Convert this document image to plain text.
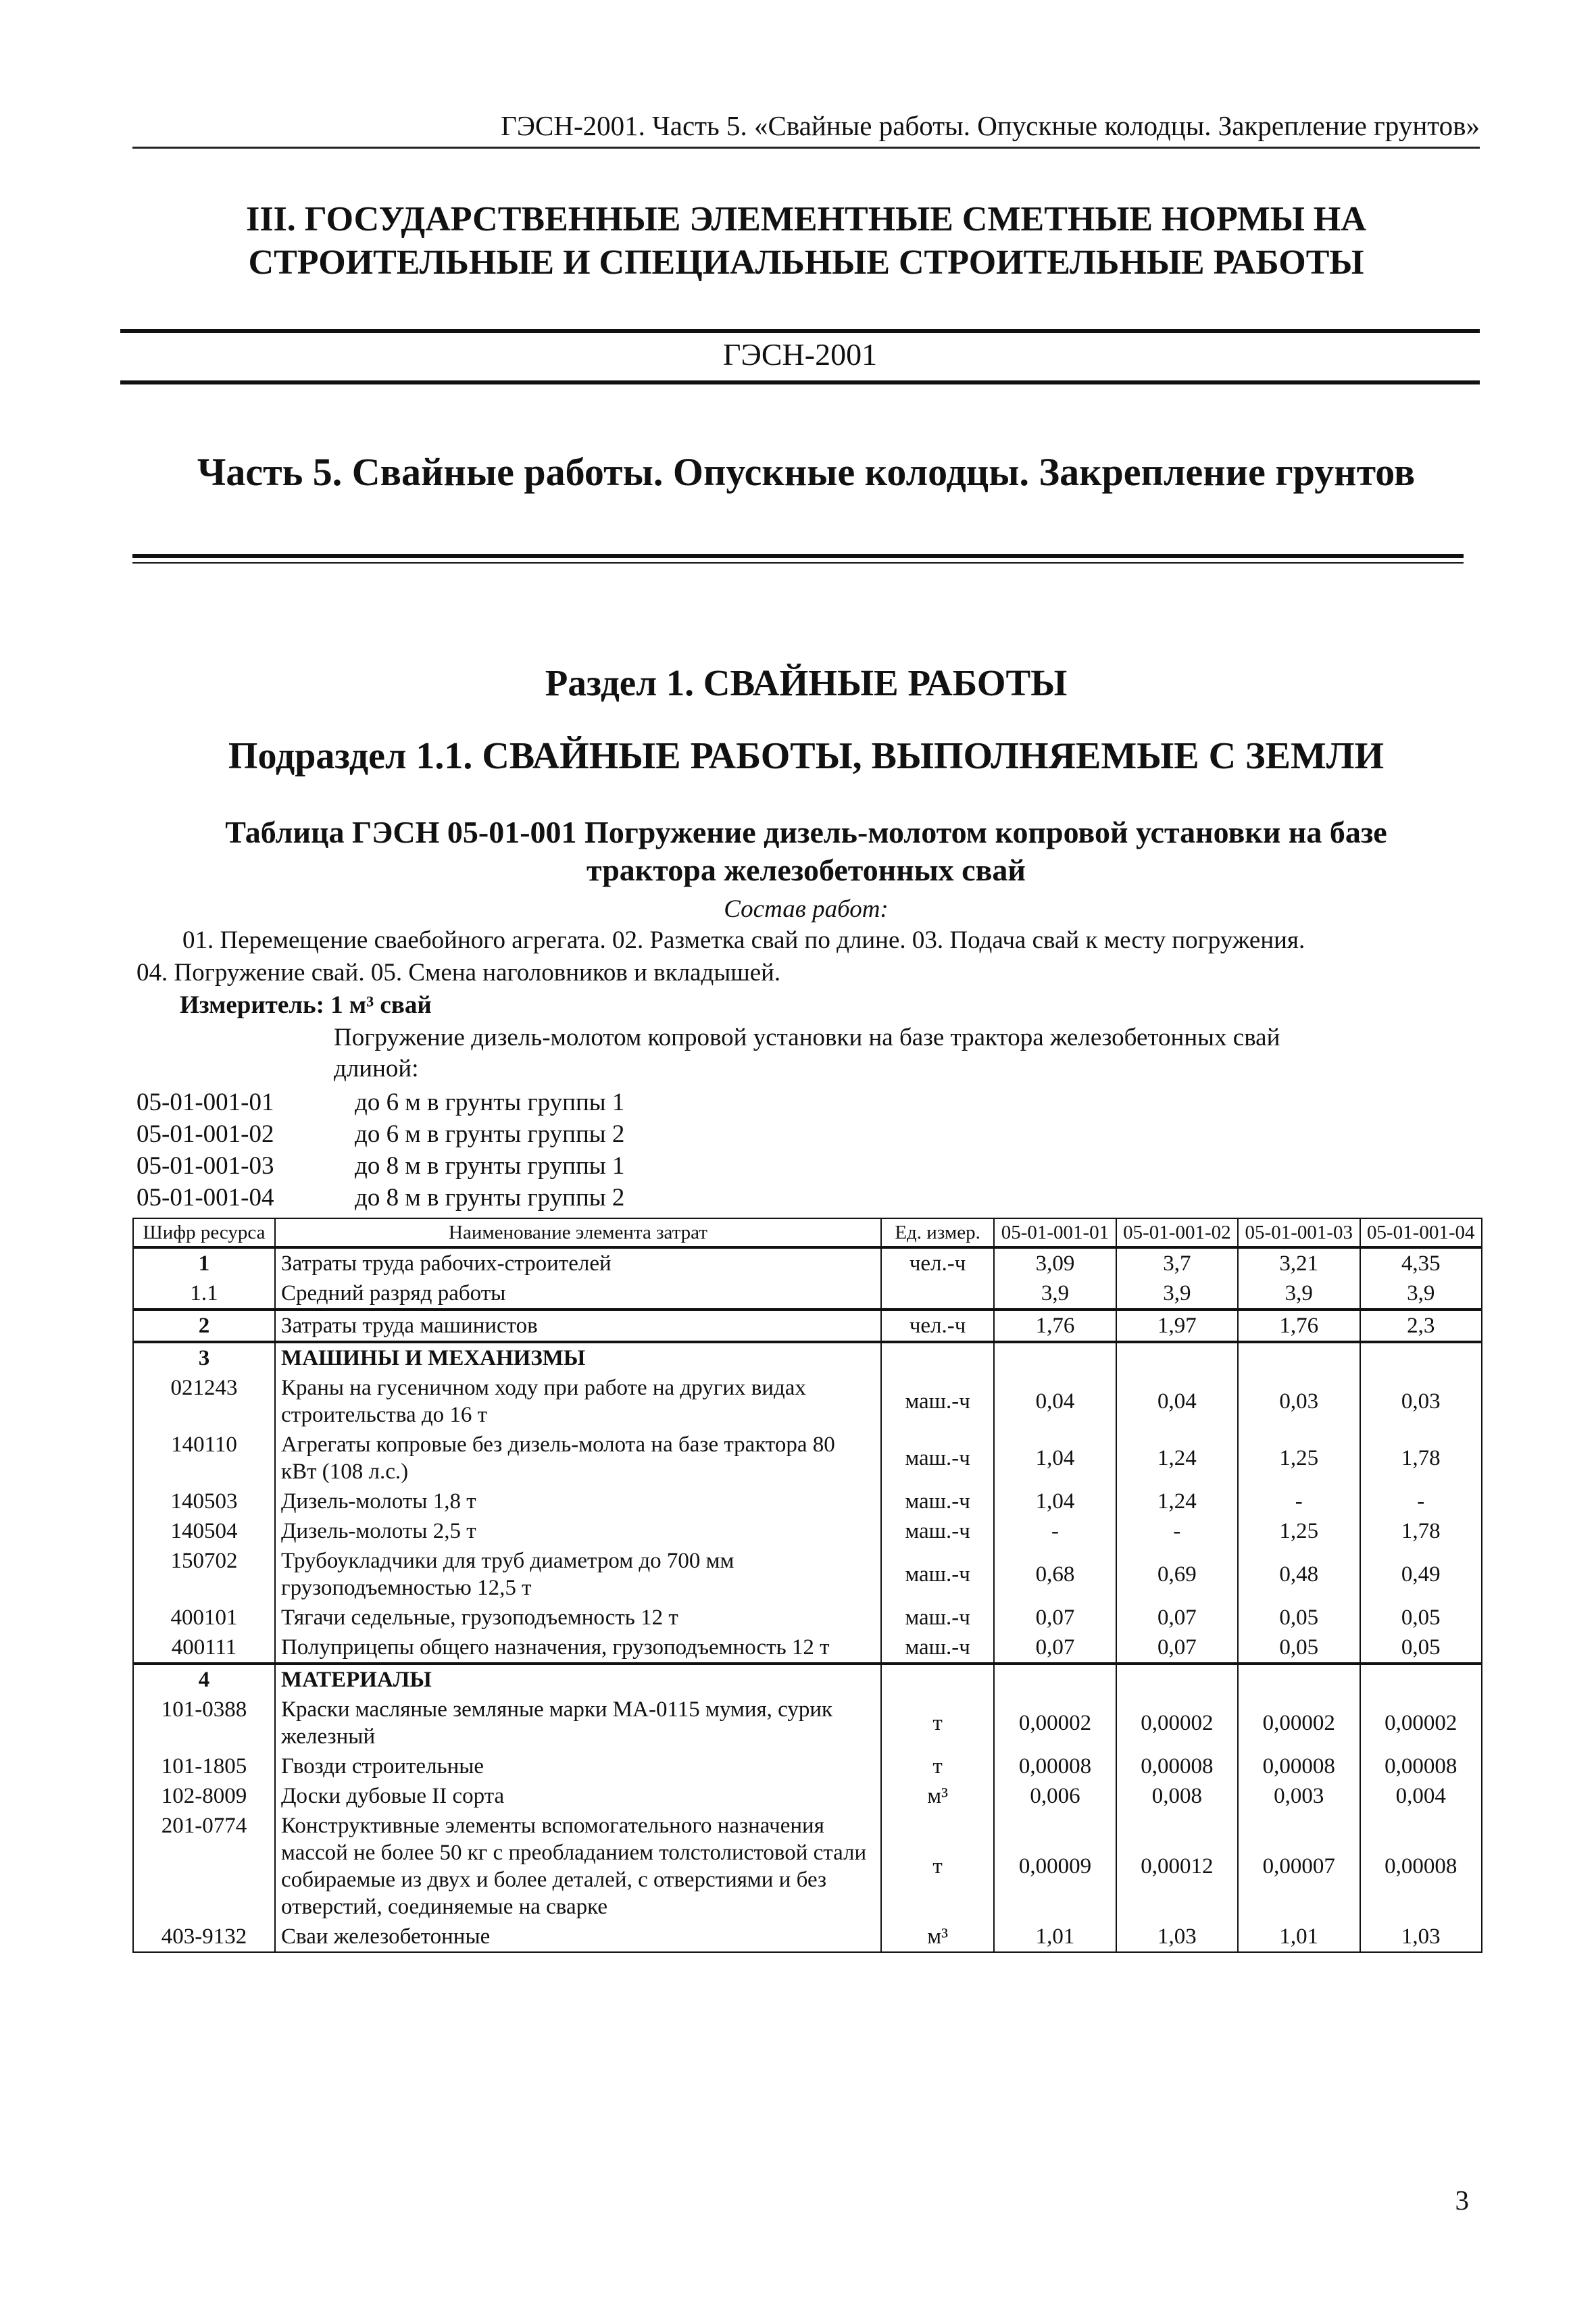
ГЭСН-2001. Часть 5. «Свайные работы. Опускные колодцы. Закрепление грунтов»
III. ГОСУДАРСТВЕННЫЕ ЭЛЕМЕНТНЫЕ СМЕТНЫЕ НОРМЫ НА
СТРОИТЕЛЬНЫЕ И СПЕЦИАЛЬНЫЕ СТРОИТЕЛЬНЫЕ РАБОТЫ
ГЭСН-2001
Часть 5. Свайные работы. Опускные колодцы. Закрепление грунтов
Раздел 1. СВАЙНЫЕ РАБОТЫ
Подраздел 1.1. СВАЙНЫЕ РАБОТЫ, ВЫПОЛНЯЕМЫЕ С ЗЕМЛИ
Таблица ГЭСН 05-01-001 Погружение дизель-молотом копровой установки на базе
трактора железобетонных свай
Состав работ:
01. Перемещение сваебойного агрегата. 02. Разметка свай по длине. 03. Подача свай к месту погружения.
04. Погружение свай. 05. Смена наголовников и вкладышей.
Измеритель: 1 м³ свай
Погружение дизель-молотом копровой установки на базе трактора железобетонных свай
длиной:
05-01-001-01	до 6 м в грунты группы 1
05-01-001-02	до 6 м в грунты группы 2
05-01-001-03	до 8 м в грунты группы 1
05-01-001-04	до 8 м в грунты группы 2
Шифр ресурса	Наименование элемента затрат	Ед. измер.	05-01-001-01	05-01-001-02	05-01-001-03	05-01-001-04
1	Затраты труда рабочих-строителей	чел.-ч	3,09	3,7	3,21	4,35
1.1	Средний разряд работы		3,9	3,9	3,9	3,9
2	Затраты труда машинистов	чел.-ч	1,76	1,97	1,76	2,3
3	МАШИНЫ И МЕХАНИЗМЫ					
021243	Краны на гусеничном ходу при работе на других видах строительства до 16 т	маш.-ч	0,04	0,04	0,03	0,03
140110	Агрегаты копровые без дизель-молота на базе трактора 80 кВт (108 л.с.)	маш.-ч	1,04	1,24	1,25	1,78
140503	Дизель-молоты 1,8 т	маш.-ч	1,04	1,24	-	-
140504	Дизель-молоты 2,5 т	маш.-ч	-	-	1,25	1,78
150702	Трубоукладчики для труб диаметром до 700 мм грузоподъемностью 12,5 т	маш.-ч	0,68	0,69	0,48	0,49
400101	Тягачи седельные, грузоподъемность 12 т	маш.-ч	0,07	0,07	0,05	0,05
400111	Полуприцепы общего назначения, грузоподъемность 12 т	маш.-ч	0,07	0,07	0,05	0,05
4	МАТЕРИАЛЫ					
101-0388	Краски масляные земляные марки МА-0115 мумия, сурик железный	т	0,00002	0,00002	0,00002	0,00002
101-1805	Гвозди строительные	т	0,00008	0,00008	0,00008	0,00008
102-8009	Доски дубовые II сорта	м³	0,006	0,008	0,003	0,004
201-0774	Конструктивные элементы вспомогательного назначения массой не более 50 кг с преобладанием толстолистовой стали собираемые из двух и более деталей, с отверстиями и без отверстий, соединяемые на сварке	т	0,00009	0,00012	0,00007	0,00008
403-9132	Сваи железобетонные	м³	1,01	1,03	1,01	1,03
3
